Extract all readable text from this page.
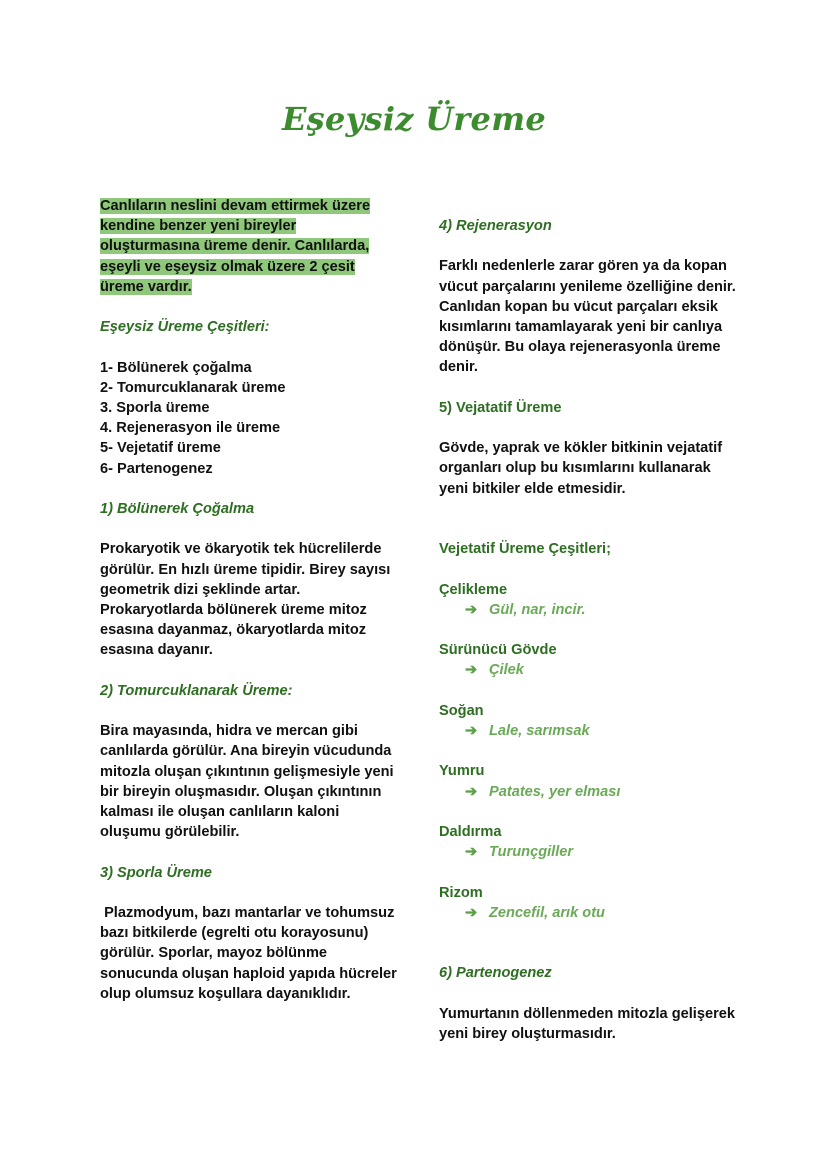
Eşeysiz Üreme

Canlıların neslini devam ettirmek üzere kendine benzer yeni bireyler oluşturmasına üreme denir. Canlılarda, eşeyli ve eşeysiz olmak üzere 2 çesit üreme vardır.

Eşeysiz Üreme Çeşitleri:

1- Bölünerek çoğalma
2- Tomurcuklanarak üreme
3. Sporla üreme
4. Rejenerasyon ile üreme
5- Vejetatif üreme
6- Partenogenez

1) Bölünerek Çoğalma

Prokaryotik ve ökaryotik tek hücrelilerde görülür. En hızlı üreme tipidir. Birey sayısı geometrik dizi şeklinde artar. Prokaryotlarda bölünerek üreme mitoz esasına dayanmaz, ökaryotlarda mitoz esasına dayanır.

2) Tomurcuklanarak Üreme:

Bira mayasında, hidra ve mercan gibi canlılarda görülür. Ana bireyin vücudunda mitozla oluşan çıkıntının gelişmesiyle yeni bir bireyin oluşmasıdır. Oluşan çıkıntının kalması ile oluşan canlıların kaloni oluşumu görülebilir.

3) Sporla Üreme

Plazmodyum, bazı mantarlar ve tohumsuz bazı bitkilerde (egrelti otu korayosunu) görülür. Sporlar, mayoz bölünme sonucunda oluşan haploid yapıda hücreler olup olumsuz koşullara dayanıklıdır.

4) Rejenerasyon

Farklı nedenlerle zarar gören ya da kopan vücut parçalarını yenileme özelliğine denir. Canlıdan kopan bu vücut parçaları eksik kısımlarını tamamlayarak yeni bir canlıya dönüşür. Bu olaya rejenerasyonla üreme denir.

5) Vejatatif Üreme

Gövde, yaprak ve kökler bitkinin vejatatif organları olup bu kısımlarını kullanarak yeni bitkiler elde etmesidir.

Vejetatif Üreme Çeşitleri;

Çelikleme

➔ Gül, nar, incir.

Sürünücü Gövde

➔ Çilek

Soğan

➔ Lale, sarımsak

Yumru

➔ Patates, yer elması

Daldırma

➔ Turunçgiller

Rizom

➔ Zencefil, arık otu

6) Partenogenez

Yumurtanın döllenmeden mitozla gelişerek yeni birey oluşturmasıdır.
